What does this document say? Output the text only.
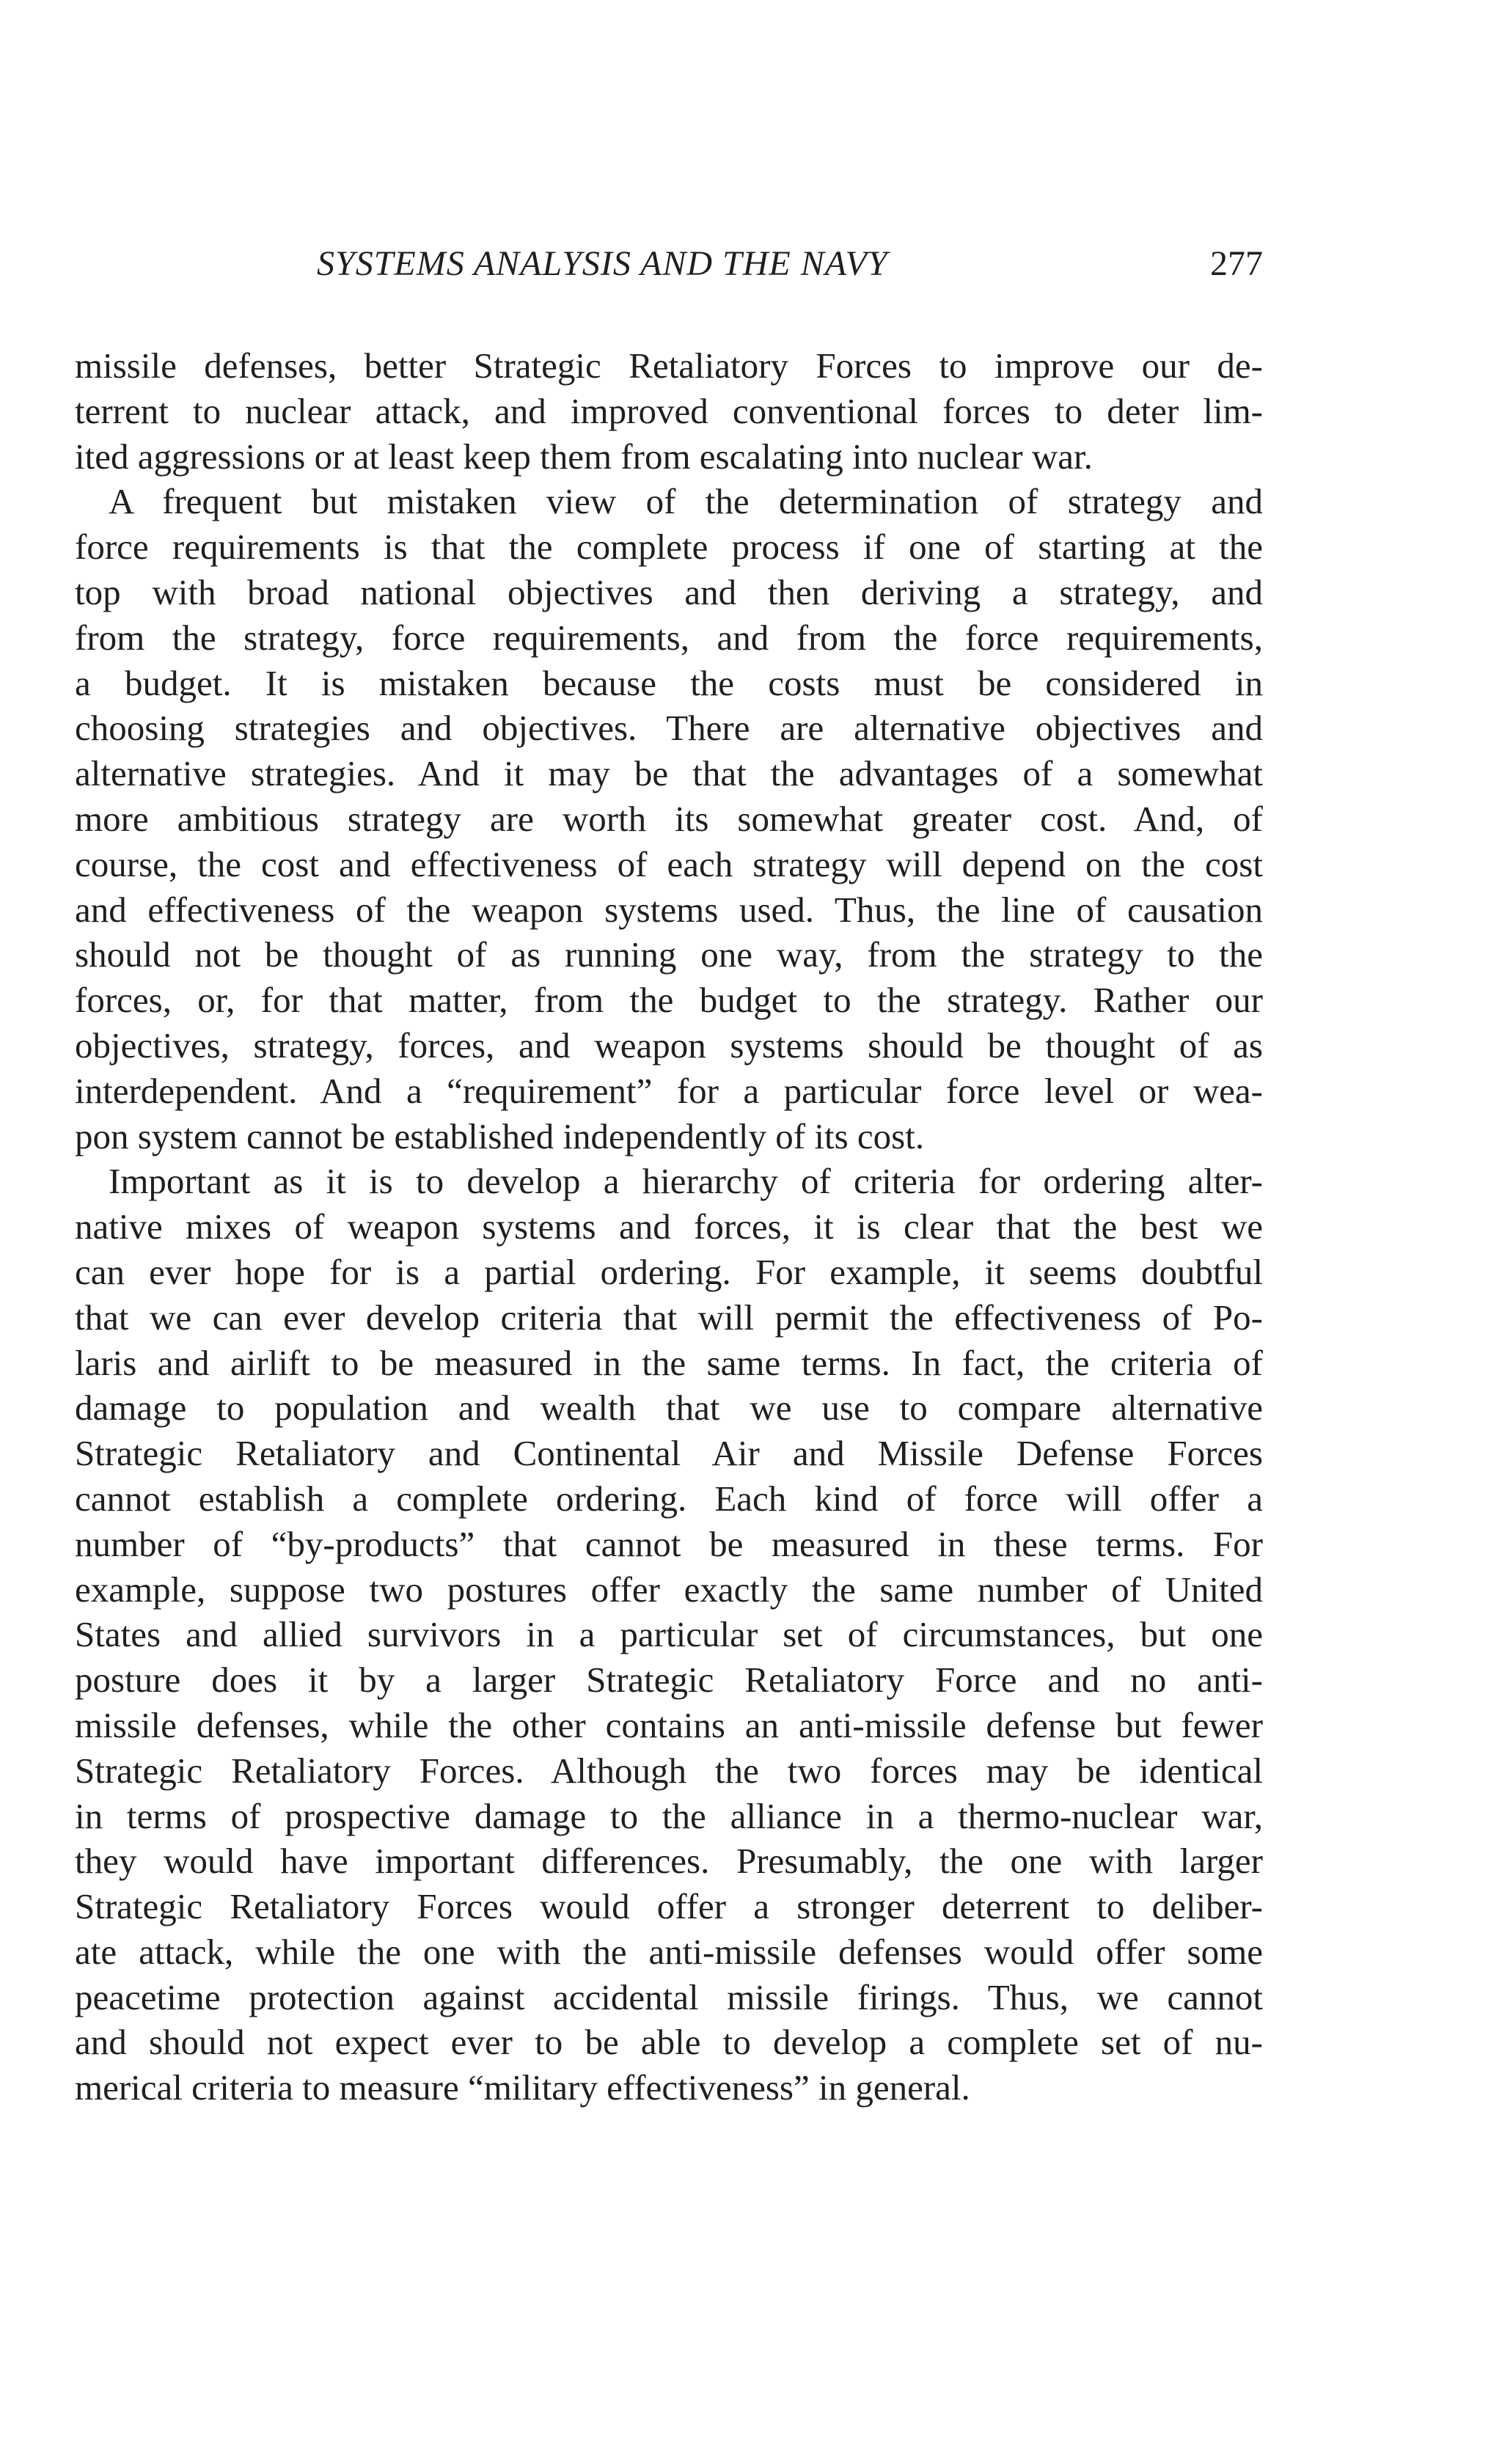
SYSTEMS ANALYSIS AND THE NAVY	277
missile defenses, better Strategic Retaliatory Forces to improve our de-
terrent to nuclear attack, and improved conventional forces to deter lim-
ited aggressions or at least keep them from escalating into nuclear war.
A frequent but mistaken view of the determination of strategy and
force requirements is that the complete process if one of starting at the
top with broad national objectives and then deriving a strategy, and
from the strategy, force requirements, and from the force requirements,
a budget. It is mistaken because the costs must be considered in
choosing strategies and objectives. There are alternative objectives and
alternative strategies. And it may be that the advantages of a somewhat
more ambitious strategy are worth its somewhat greater cost. And, of
course, the cost and effectiveness of each strategy will depend on the cost
and effectiveness of the weapon systems used. Thus, the line of causation
should not be thought of as running one way, from the strategy to the
forces, or, for that matter, from the budget to the strategy. Rather our
objectives, strategy, forces, and weapon systems should be thought of as
interdependent. And a “requirement” for a particular force level or wea-
pon system cannot be established independently of its cost.
Important as it is to develop a hierarchy of criteria for ordering alter-
native mixes of weapon systems and forces, it is clear that the best we
can ever hope for is a partial ordering. For example, it seems doubtful
that we can ever develop criteria that will permit the effectiveness of Po-
laris and airlift to be measured in the same terms. In fact, the criteria of
damage to population and wealth that we use to compare alternative
Strategic Retaliatory and Continental Air and Missile Defense Forces
cannot establish a complete ordering. Each kind of force will offer a
number of “by-products” that cannot be measured in these terms. For
example, suppose two postures offer exactly the same number of United
States and allied survivors in a particular set of circumstances, but one
posture does it by a larger Strategic Retaliatory Force and no anti-
missile defenses, while the other contains an anti-missile defense but fewer
Strategic Retaliatory Forces. Although the two forces may be identical
in terms of prospective damage to the alliance in a thermo-nuclear war,
they would have important differences. Presumably, the one with larger
Strategic Retaliatory Forces would offer a stronger deterrent to deliber-
ate attack, while the one with the anti-missile defenses would offer some
peacetime protection against accidental missile firings. Thus, we cannot
and should not expect ever to be able to develop a complete set of nu-
merical criteria to measure “military effectiveness” in general.
